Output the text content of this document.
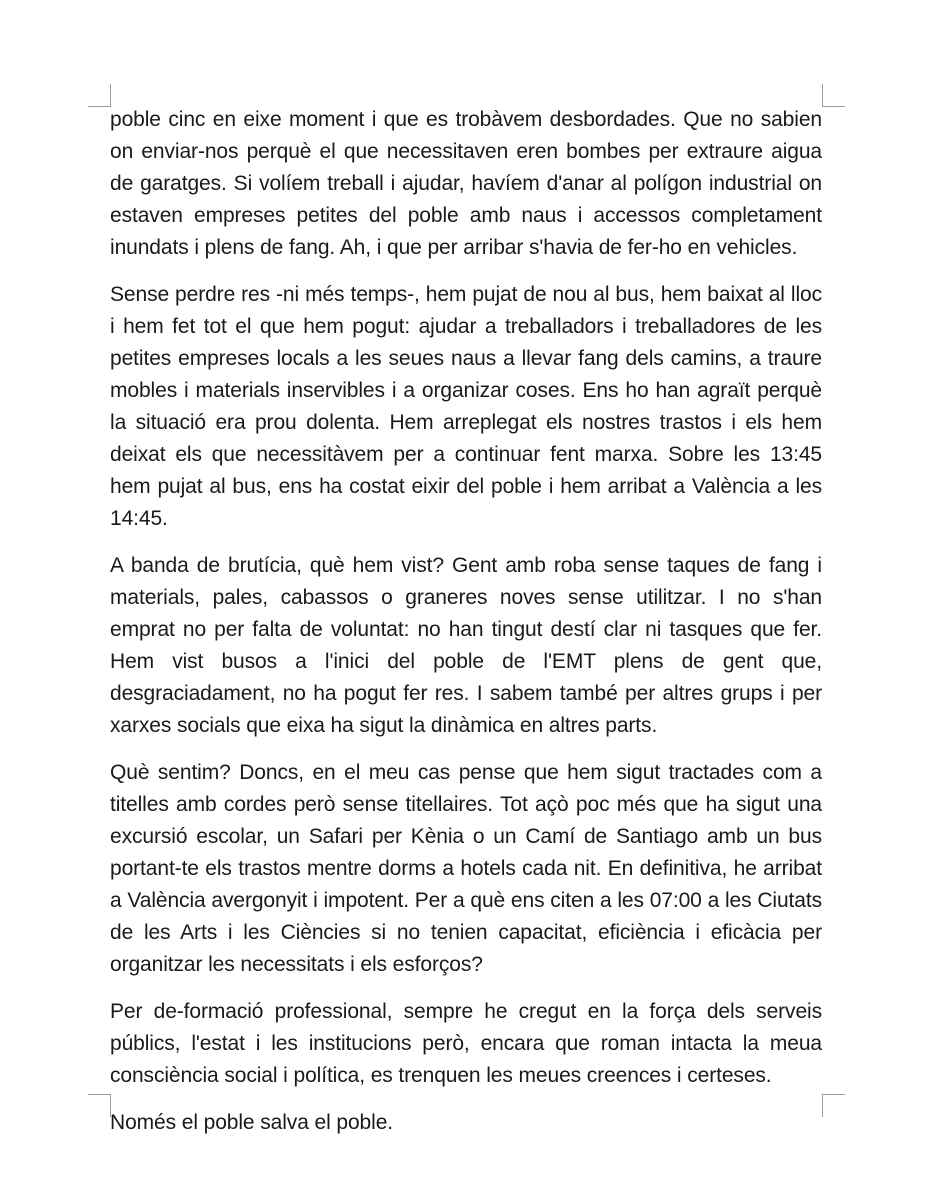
poble cinc en eixe moment i que es trobàvem desbordades. Que no sabien on enviar-nos perquè el que necessitaven eren bombes per extraure aigua de garatges. Si volíem treball i ajudar, havíem d'anar al polígon industrial on estaven empreses petites del poble amb naus i accessos completament inundats i plens de fang. Ah, i que per arribar s'havia de fer-ho en vehicles.

Sense perdre res -ni més temps-, hem pujat de nou al bus, hem baixat al lloc i hem fet tot el que hem pogut: ajudar a treballadors i treballadores de les petites empreses locals a les seues naus a llevar fang dels camins, a traure mobles i materials inservibles i a organizar coses. Ens ho han agraït perquè la situació era prou dolenta. Hem arreplegat els nostres trastos i els hem deixat els que necessitàvem per a continuar fent marxa. Sobre les 13:45 hem pujat al bus, ens ha costat eixir del poble i hem arribat a València a les 14:45.

A banda de brutícia, què hem vist? Gent amb roba sense taques de fang i materials, pales, cabassos o graneres noves sense utilitzar. I no s'han emprat no per falta de voluntat: no han tingut destí clar ni tasques que fer. Hem vist busos a l'inici del poble de l'EMT plens de gent que, desgraciadament, no ha pogut fer res. I sabem també per altres grups i per xarxes socials que eixa ha sigut la dinàmica en altres parts.

Què sentim? Doncs, en el meu cas pense que hem sigut tractades com a titelles amb cordes però sense titellaires. Tot açò poc més que ha sigut una excursió escolar, un Safari per Kènia o un Camí de Santiago amb un bus portant-te els trastos mentre dorms a hotels cada nit. En definitiva, he arribat a València avergonyit i impotent. Per a què ens citen a les 07:00 a les Ciutats de les Arts i les Ciències si no tenien capacitat, eficiència i eficàcia per organitzar les necessitats i els esforços?

Per de-formació professional, sempre he cregut en la força dels serveis públics, l'estat i les institucions però, encara que roman intacta la meua consciència social i política, es trenquen les meues creences i certeses.

Només el poble salva el poble.
